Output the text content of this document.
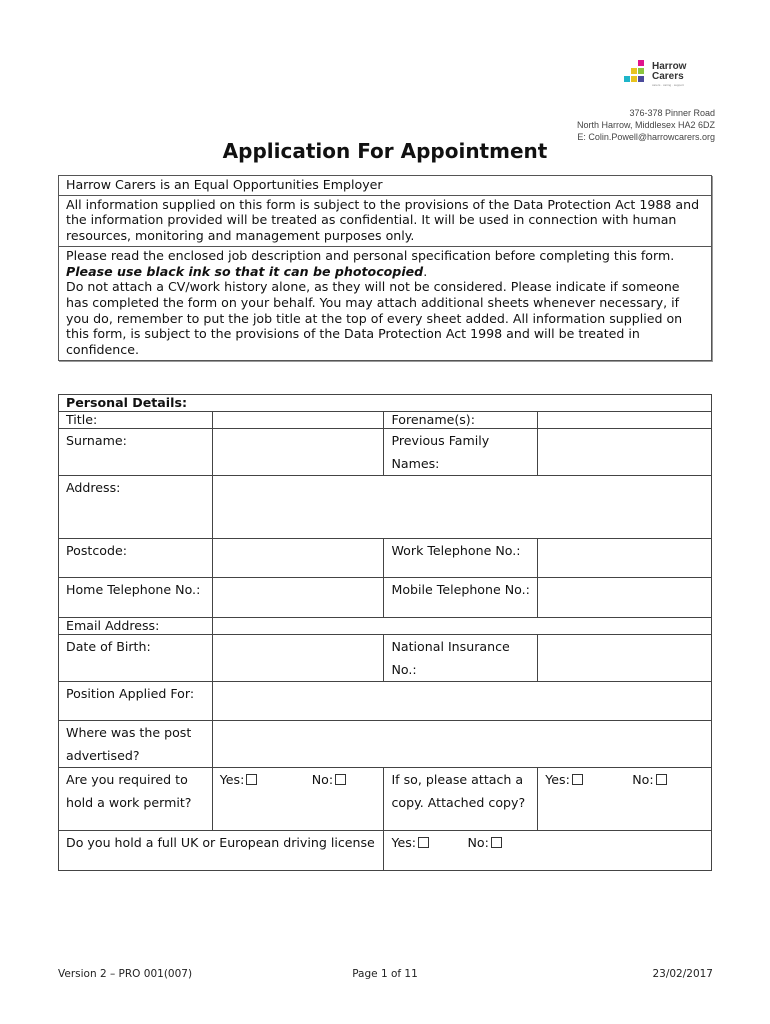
Harrow
Carers
carers · caring · support
376-378 Pinner Road
North Harrow, Middlesex HA2 6DZ
E: Colin.Powell@harrowcarers.org
Application For Appointment
Harrow Carers is an Equal Opportunities Employer
All information supplied on this form is subject to the provisions of the Data Protection Act 1988 and the information provided will be treated as confidential. It will be used in connection with human resources, monitoring and management purposes only.
Please read the enclosed job description and personal specification before completing this form.
Please use black ink so that it can be photocopied.
Do not attach a CV/work history alone, as they will not be considered. Please indicate if someone has completed the form on your behalf. You may attach additional sheets whenever necessary, if you do, remember to put the job title at the top of every sheet added. All information supplied on this form, is subject to the provisions of the Data Protection Act 1998 and will be treated in confidence.
Personal Details:			
Title:		Forename(s):	
Surname:		Previous Family Names:	
Address:			
Postcode:		Work Telephone No.:	
Home Telephone No.:		Mobile Telephone No.:	
Email Address:			
Date of Birth:		National Insurance No.:	
Position Applied For:			
Where was the post advertised?			
Are you required to hold a work permit?	Yes: No:	If so, please attach a copy. Attached copy?	Yes: No:
Do you hold a full UK or European driving license		Yes: No:	
Version 2 – PRO 001(007)	Page 1 of 11	23/02/2017
